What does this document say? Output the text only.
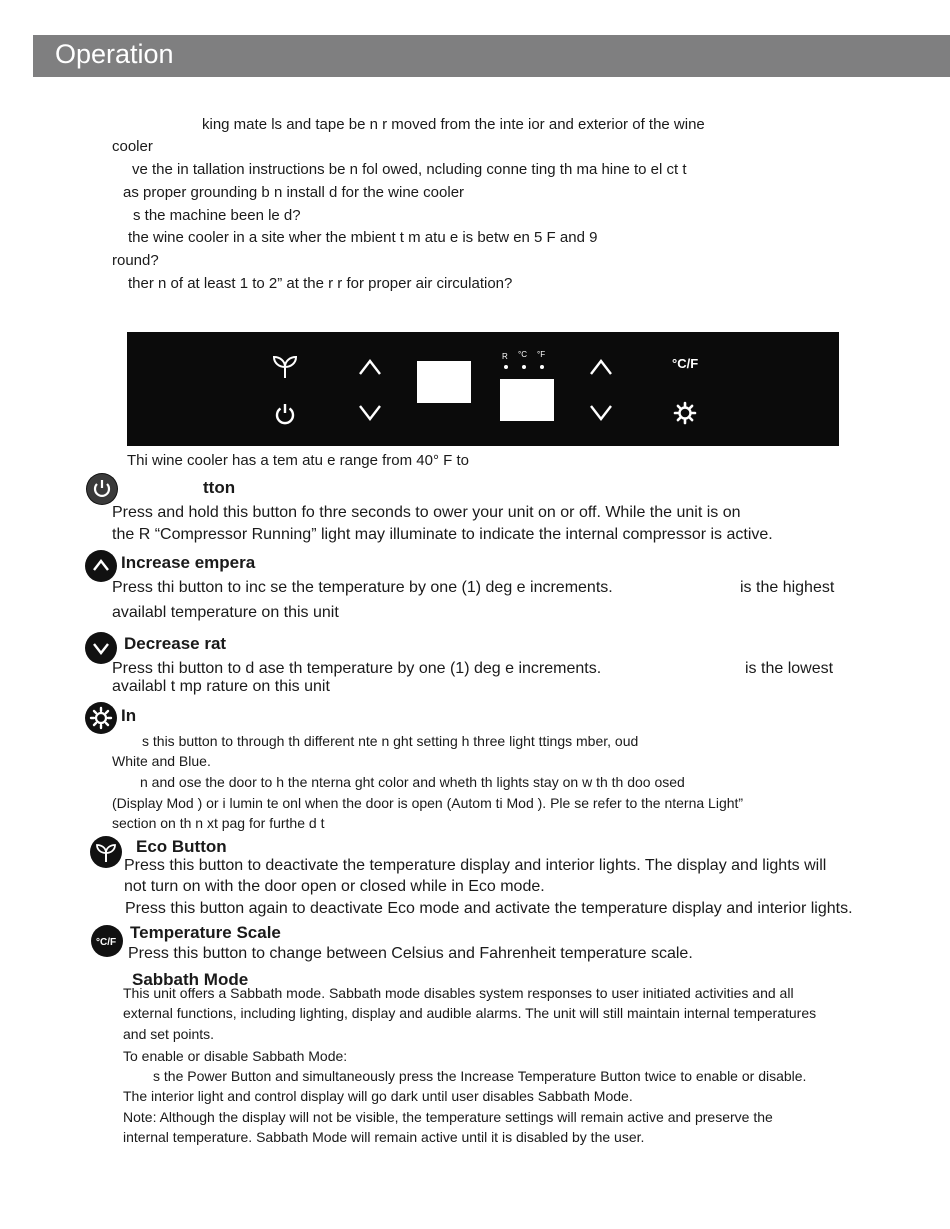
Operation
king mate ls and tape be n r moved from the inte ior and exterior of the wine
cooler
ve the in tallation instructions be n fol owed, ncluding conne ting th ma hine to el ct t
as proper grounding b n install d for the wine cooler
s the machine been le d?
the wine cooler in a site wher the mbient t m atu e is betw en 5 F and 9
round?
ther n of at least 1 to 2” at the r r for proper air circulation?
R °C °F
°C/F
Thi wine cooler has a tem atu e range from 40° F to
tton
Press and hold this button fo thre seconds to ower your unit on or off. While the unit is on
the R “Compressor Running” light may illuminate to indicate the internal compressor is active.
Increase empera
Press thi button to inc se the temperature by one (1) deg e increments.	is the highest
availabl temperature on this unit
Decrease rat
Press thi button to d ase th temperature by one (1) deg e increments.	is the lowest
availabl t mp rature on this unit
In
s this button to through th different nte n ght setting h three light ttings mber, oud
White and Blue.
n and ose the door to h the nterna ght color and wheth th lights stay on w th th doo osed
(Display Mod ) or i lumin te onl when the door is open (Autom ti Mod ). Ple se refer to the nterna Light”
section on th n xt pag for furthe d t
Eco Button
Press this button to deactivate the temperature display and interior lights. The display and lights will
not turn on with the door open or closed while in Eco mode.
Press this button again to deactivate Eco mode and activate the temperature display and interior lights.
°C/F
Temperature Scale
Press this button to change between Celsius and Fahrenheit temperature scale.
Sabbath Mode
This unit offers a Sabbath mode. Sabbath mode disables system responses to user initiated activities and all
external functions, including lighting, display and audible alarms. The unit will still maintain internal temperatures
and set points.
To enable or disable Sabbath Mode:
s the Power Button and simultaneously press the Increase Temperature Button twice to enable or disable.
The interior light and control display will go dark until user disables Sabbath Mode.
Note: Although the display will not be visible, the temperature settings will remain active and preserve the
internal temperature. Sabbath Mode will remain active until it is disabled by the user.
